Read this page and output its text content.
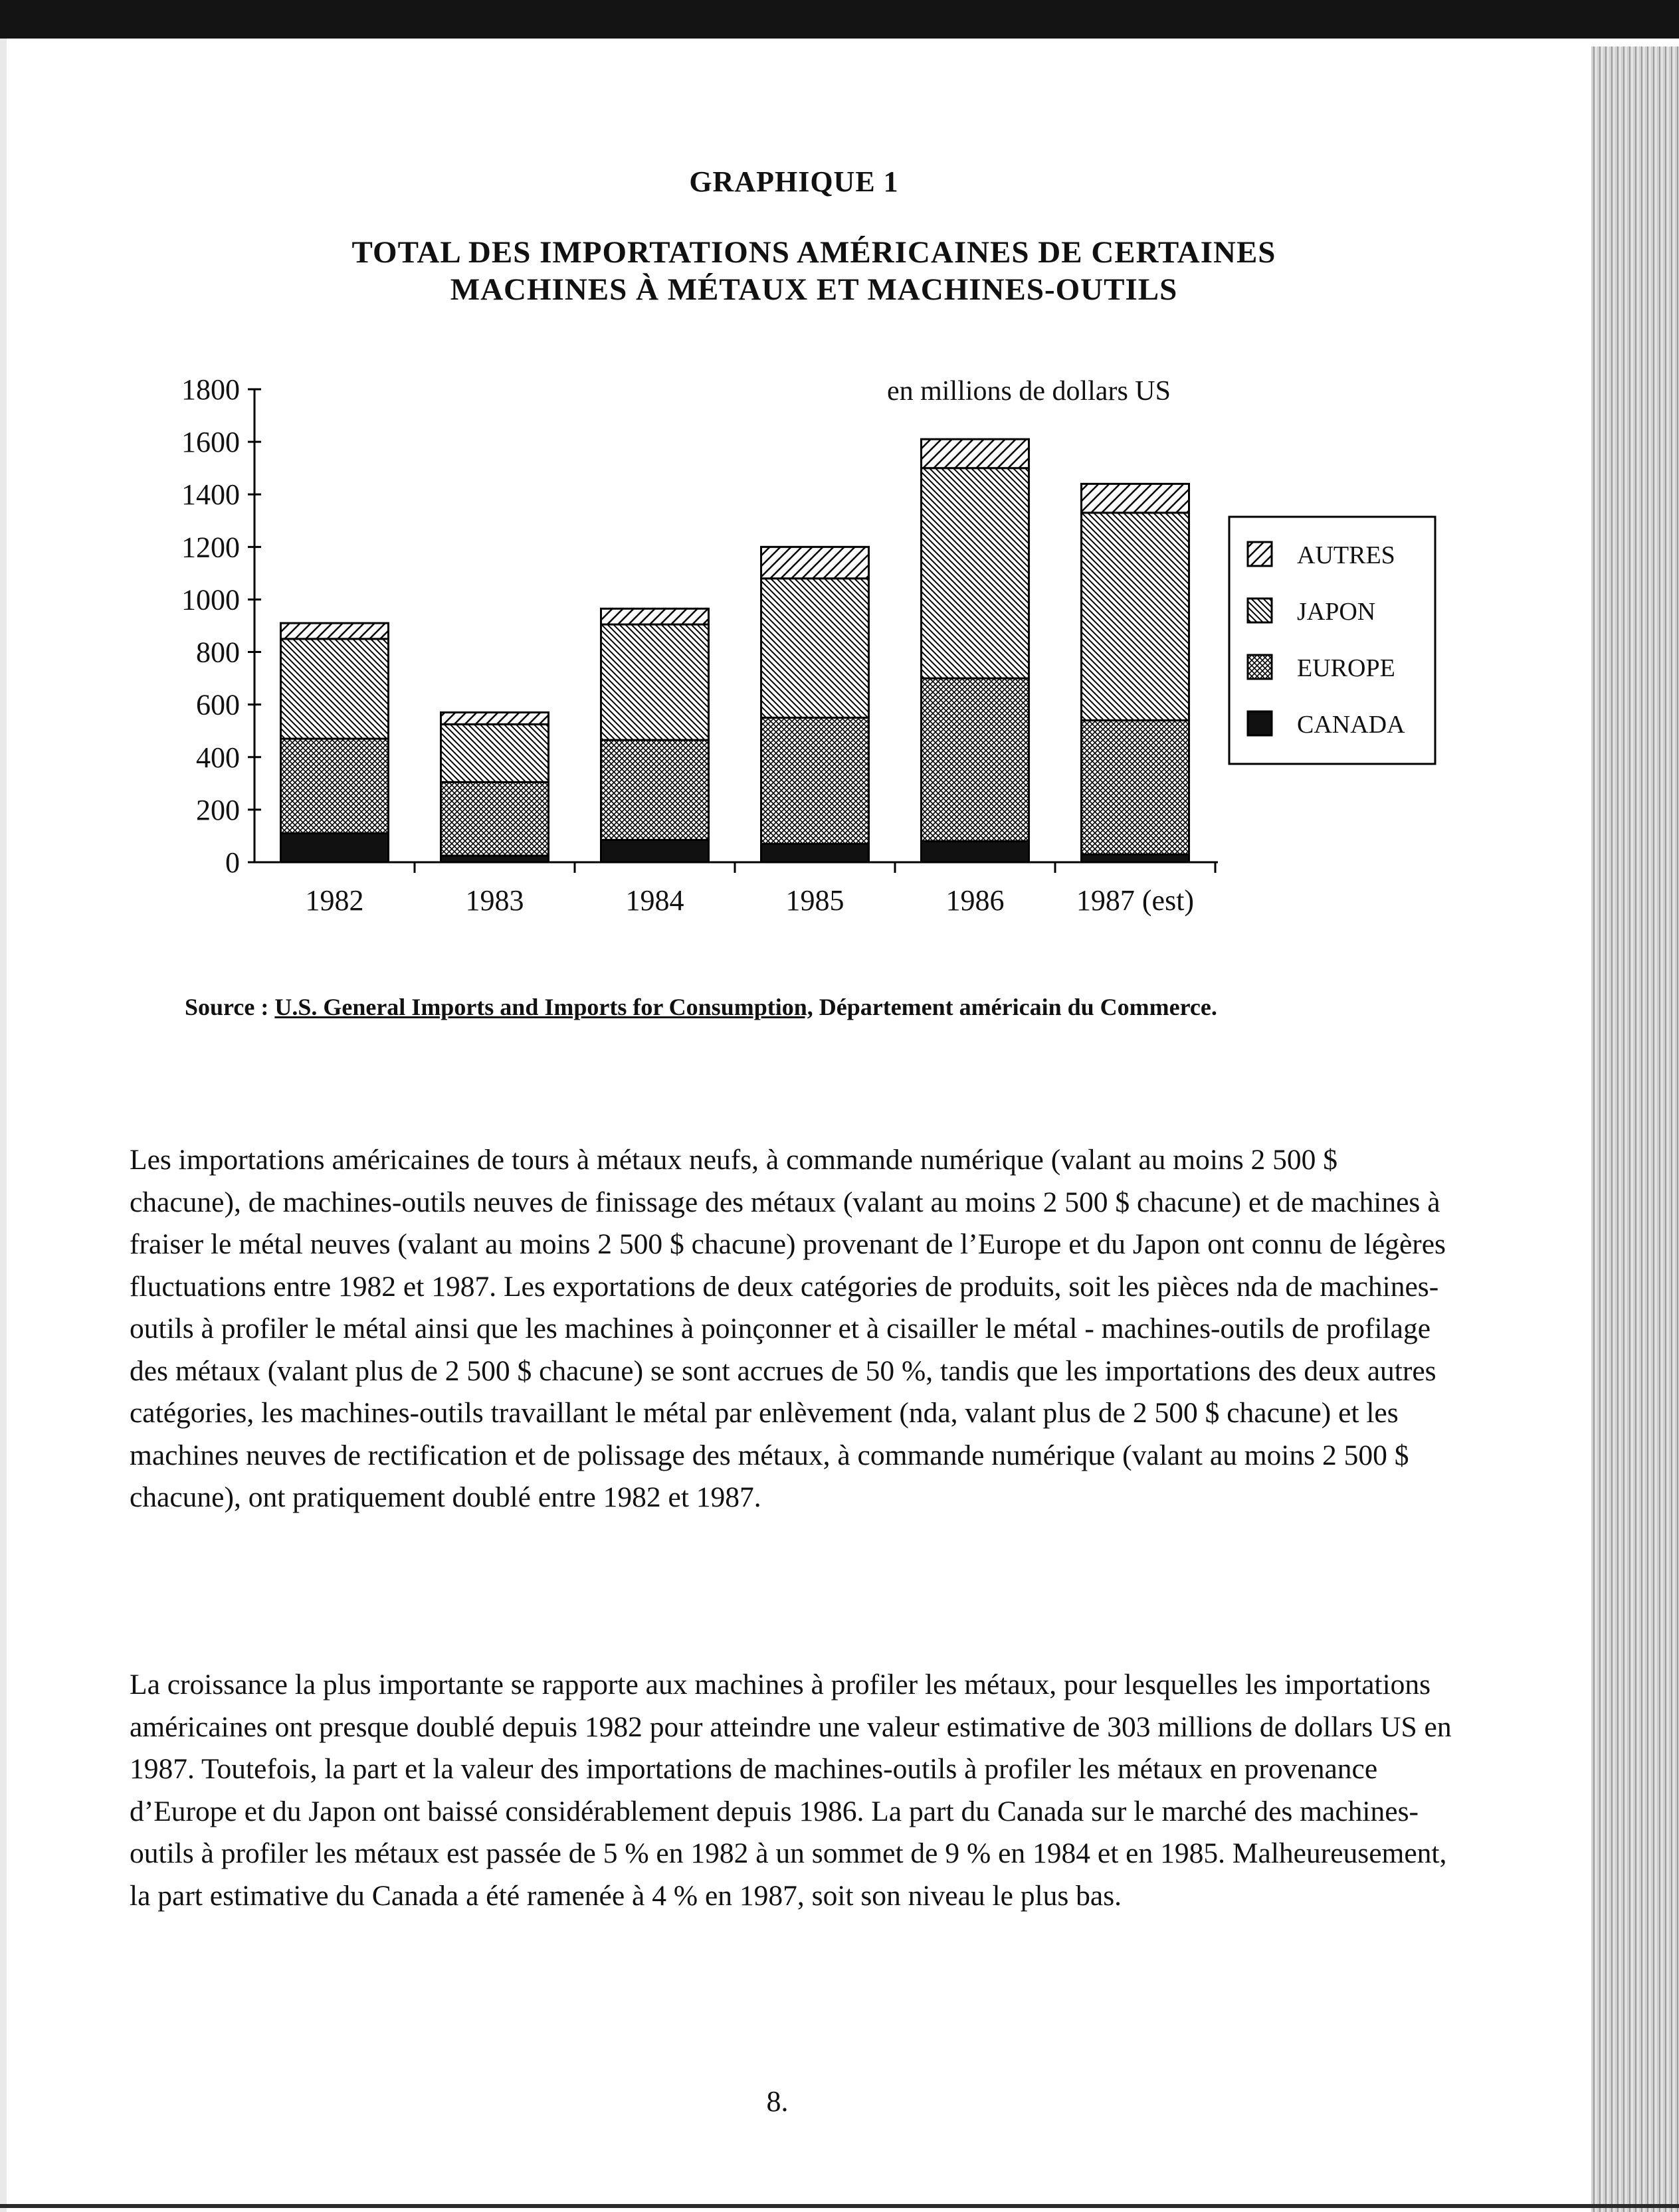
GRAPHIQUE 1
TOTAL DES IMPORTATIONS AMÉRICAINES DE CERTAINES
MACHINES À MÉTAUX ET MACHINES-OUTILS
0
200
400
600
800
1000
1200
1400
1600
1800
1982	1983	1984	1985	1986 1987 (est)
en millions de dollars US
AUTRES
JAPON
EUROPE
CANADA
Source : U.S. General Imports and Imports for Consumption, Département américain du Commerce.

Les importations américaines de tours à métaux neufs, à commande numérique (valant au moins 2 500 $ chacune), de machines-outils neuves de finissage des métaux (valant au moins 2 500 $ chacune) et de machines à fraiser le métal neuves (valant au moins 2 500 $ chacune) provenant de l’Europe et du Japon ont connu de légères fluctuations entre 1982 et 1987. Les exportations de deux catégories de produits, soit les pièces nda de machines-outils à profiler le métal ainsi que les machines à poinçonner et à cisailler le métal - machines-outils de profilage des métaux (valant plus de 2 500 $ chacune) se sont accrues de 50 %, tandis que les importations des deux autres catégories, les machines-outils travaillant le métal par enlèvement (nda, valant plus de 2 500 $ chacune) et les machines neuves de rectification et de polissage des métaux, à commande numérique (valant au moins 2 500 $ chacune), ont pratiquement doublé entre 1982 et 1987.

La croissance la plus importante se rapporte aux machines à profiler les métaux, pour lesquelles les importations américaines ont presque doublé depuis 1982 pour atteindre une valeur estimative de 303 millions de dollars US en 1987. Toutefois, la part et la valeur des importations de machines-outils à profiler les métaux en provenance d’Europe et du Japon ont baissé considérablement depuis 1986. La part du Canada sur le marché des machines-outils à profiler les métaux est passée de 5 % en 1982 à un sommet de 9 % en 1984 et en 1985. Malheureusement, la part estimative du Canada a été ramenée à 4 % en 1987, soit son niveau le plus bas.

8.
